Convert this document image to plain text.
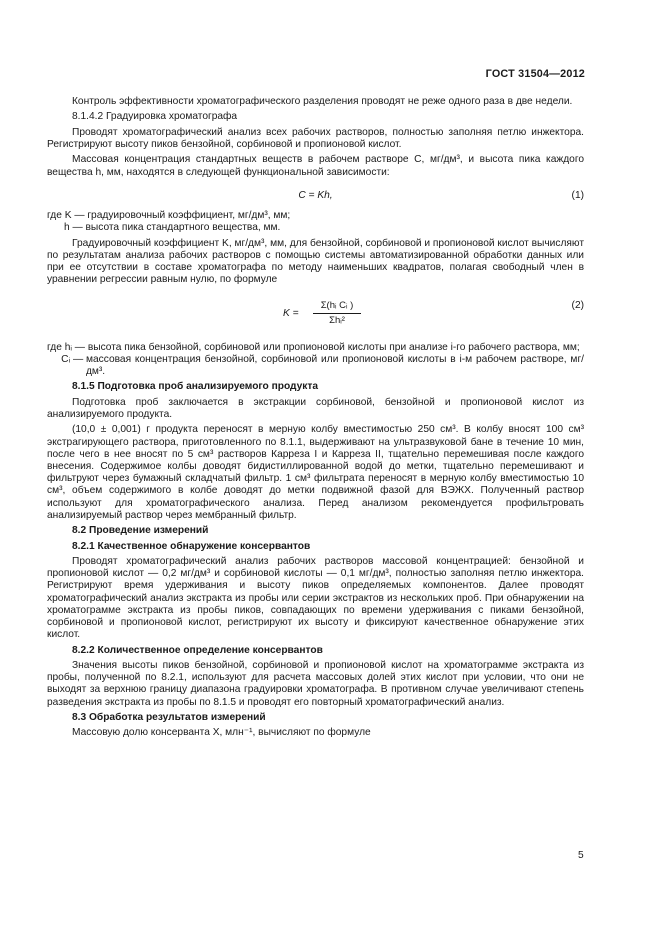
ГОСТ 31504—2012

Контроль эффективности хроматографического разделения проводят не реже одного раза в две недели.

8.1.4.2 Градуировка хроматографа

Проводят хроматографический анализ всех рабочих растворов, полностью заполняя петлю инжектора. Регистрируют высоту пиков бензойной, сорбиновой и пропионовой кислот.

Массовая концентрация стандартных веществ в рабочем растворе C, мг/дм³, и высота пика каждого вещества h, мм, находятся в следующей функциональной зависимости:

C = Kh,	(1)
где K — градуировочный коэффициент, мг/дм³, мм;
h — высота пика стандартного вещества, мм.

Градуировочный коэффициент K, мг/дм³, мм, для бензойной, сорбиновой и пропионовой кислот вычисляют по результатам анализа рабочих растворов с помощью системы автоматизированной обработки данных или при ее отсутствии в составе хроматографа по методу наименьших квадратов, полагая свободный член в уравнении регрессии равным нулю, по формуле

K =
Σ(hᵢ Cᵢ )
Σhᵢ²
(2)
где hᵢ — высота пика бензойной, сорбиновой или пропионовой кислоты при анализе i-го рабочего раствора, мм;
Cᵢ — массовая концентрация бензойной, сорбиновой или пропионовой кислоты в i-м рабочем растворе, мг/дм³.
8.1.5 Подготовка проб анализируемого продукта

Подготовка проб заключается в экстракции сорбиновой, бензойной и пропионовой кислот из анализируемого продукта.

(10,0 ± 0,001) г продукта переносят в мерную колбу вместимостью 250 см³. В колбу вносят 100 см³ экстрагирующего раствора, приготовленного по 8.1.1, выдерживают на ультразвуковой бане в течение 10 мин, после чего в нее вносят по 5 см³ растворов Карреза I и Карреза II, тщательно перемешивая после каждого внесения. Содержимое колбы доводят бидистиллированной водой до метки, тщательно перемешивают и фильтруют через бумажный складчатый фильтр. 1 см³ фильтрата переносят в мерную колбу вместимостью 10 см³, объем содержимого в колбе доводят до метки подвижной фазой для ВЭЖХ. Полученный раствор используют для хроматографического анализа. Перед анализом рекомендуется профильтровать анализируемый раствор через мембранный фильтр.

8.2 Проведение измерений
8.2.1 Качественное обнаружение консервантов

Проводят хроматографический анализ рабочих растворов массовой концентрацией: бензойной и пропионовой кислот — 0,2 мг/дм³ и сорбиновой кислоты — 0,1 мг/дм³, полностью заполняя петлю инжектора. Регистрируют время удерживания и высоту пиков определяемых компонентов. Далее проводят хроматографический анализ экстракта из пробы или серии экстрактов из нескольких проб. При обнаружении на хроматограмме экстракта из пробы пиков, совпадающих по времени удерживания с пиками бензойной, сорбиновой и пропионовой кислот, регистрируют их высоту и фиксируют качественное обнаружение этих кислот.

8.2.2 Количественное определение консервантов

Значения высоты пиков бензойной, сорбиновой и пропионовой кислот на хроматограмме экстракта из пробы, полученной по 8.2.1, используют для расчета массовых долей этих кислот при условии, что они не выходят за верхнюю границу диапазона градуировки хроматографа. В противном случае увеличивают степень разведения экстракта из пробы по 8.1.5 и проводят его повторный хроматографический анализ.

8.3 Обработка результатов измерений

Массовую долю консерванта X, млн⁻¹, вычисляют по формуле

5
